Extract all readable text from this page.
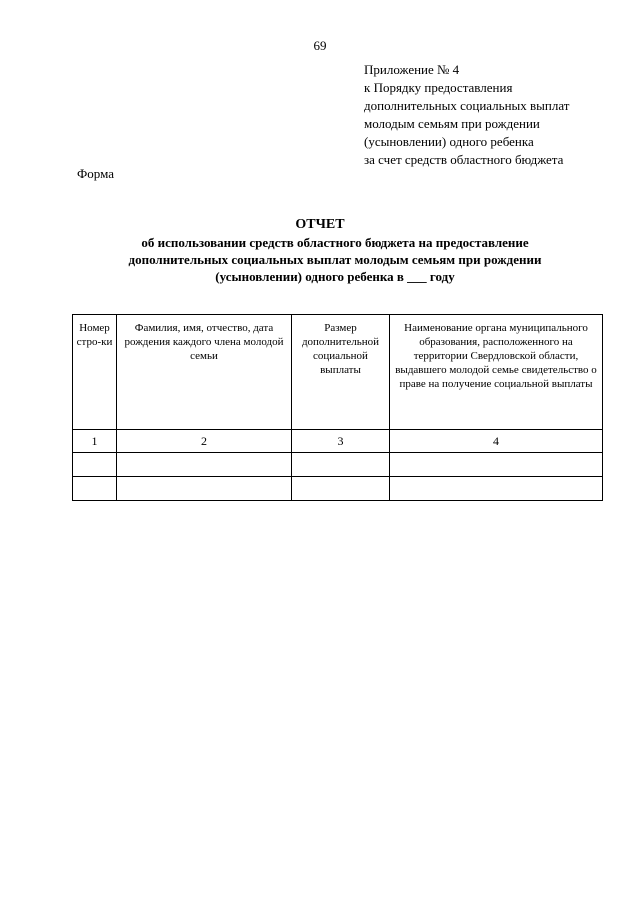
69
Приложение № 4
к Порядку предоставления
дополнительных социальных выплат
молодым семьям при рождении
(усыновлении) одного ребенка
за счет средств областного бюджета
Форма
ОТЧЕТ
об использовании средств областного бюджета на предоставление
дополнительных социальных выплат молодым семьям при рождении
(усыновлении) одного ребенка в ___ году
Номер стро-ки	Фамилия, имя, отчество, дата рождения каждого члена молодой семьи	Размер дополнительной социальной выплаты	Наименование органа муниципального образования, расположенного на территории Свердловской области, выдавшего молодой семье свидетельство о праве на получение социальной выплаты
1	2	3	4
